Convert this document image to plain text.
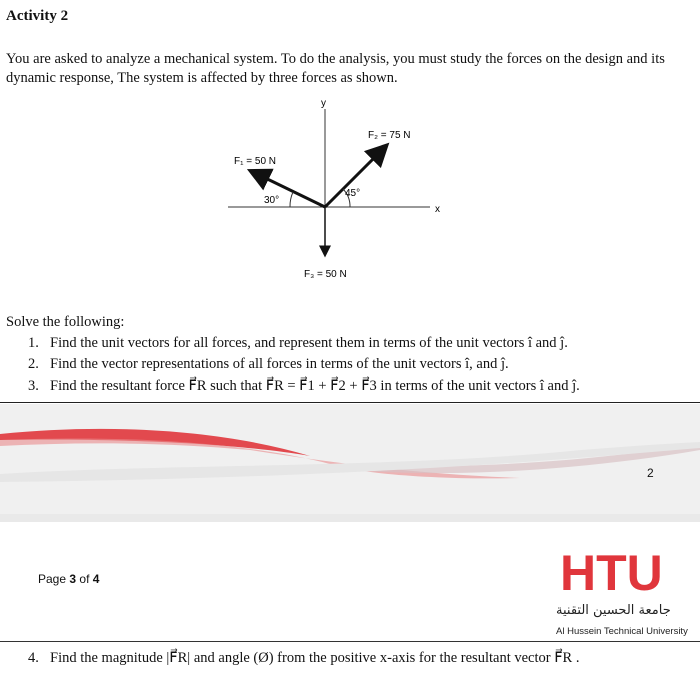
Activity 2
You are asked to analyze a mechanical system. To do the analysis, you must study the forces on the design and its dynamic response, The system is affected by three forces as shown.
y
x
F₂ = 75 N
F₁ = 50 N
F₃ = 50 N
45°
30°
Solve the following:
1. Find the unit vectors for all forces, and represent them in terms of the unit vectors î and ĵ.
2. Find the vector representations of all forces in terms of the unit vectors î, and ĵ.
3. Find the resultant force F⃗R such that F⃗R = F⃗1 + F⃗2 + F⃗3 in terms of the unit vectors î and ĵ.
2
Page 3 of 4	HTU
جامعة الحسين التقنية
Al Hussein Technical University
4. Find the magnitude |F⃗R| and angle (Ø) from the positive x-axis for the resultant vector F⃗R .
